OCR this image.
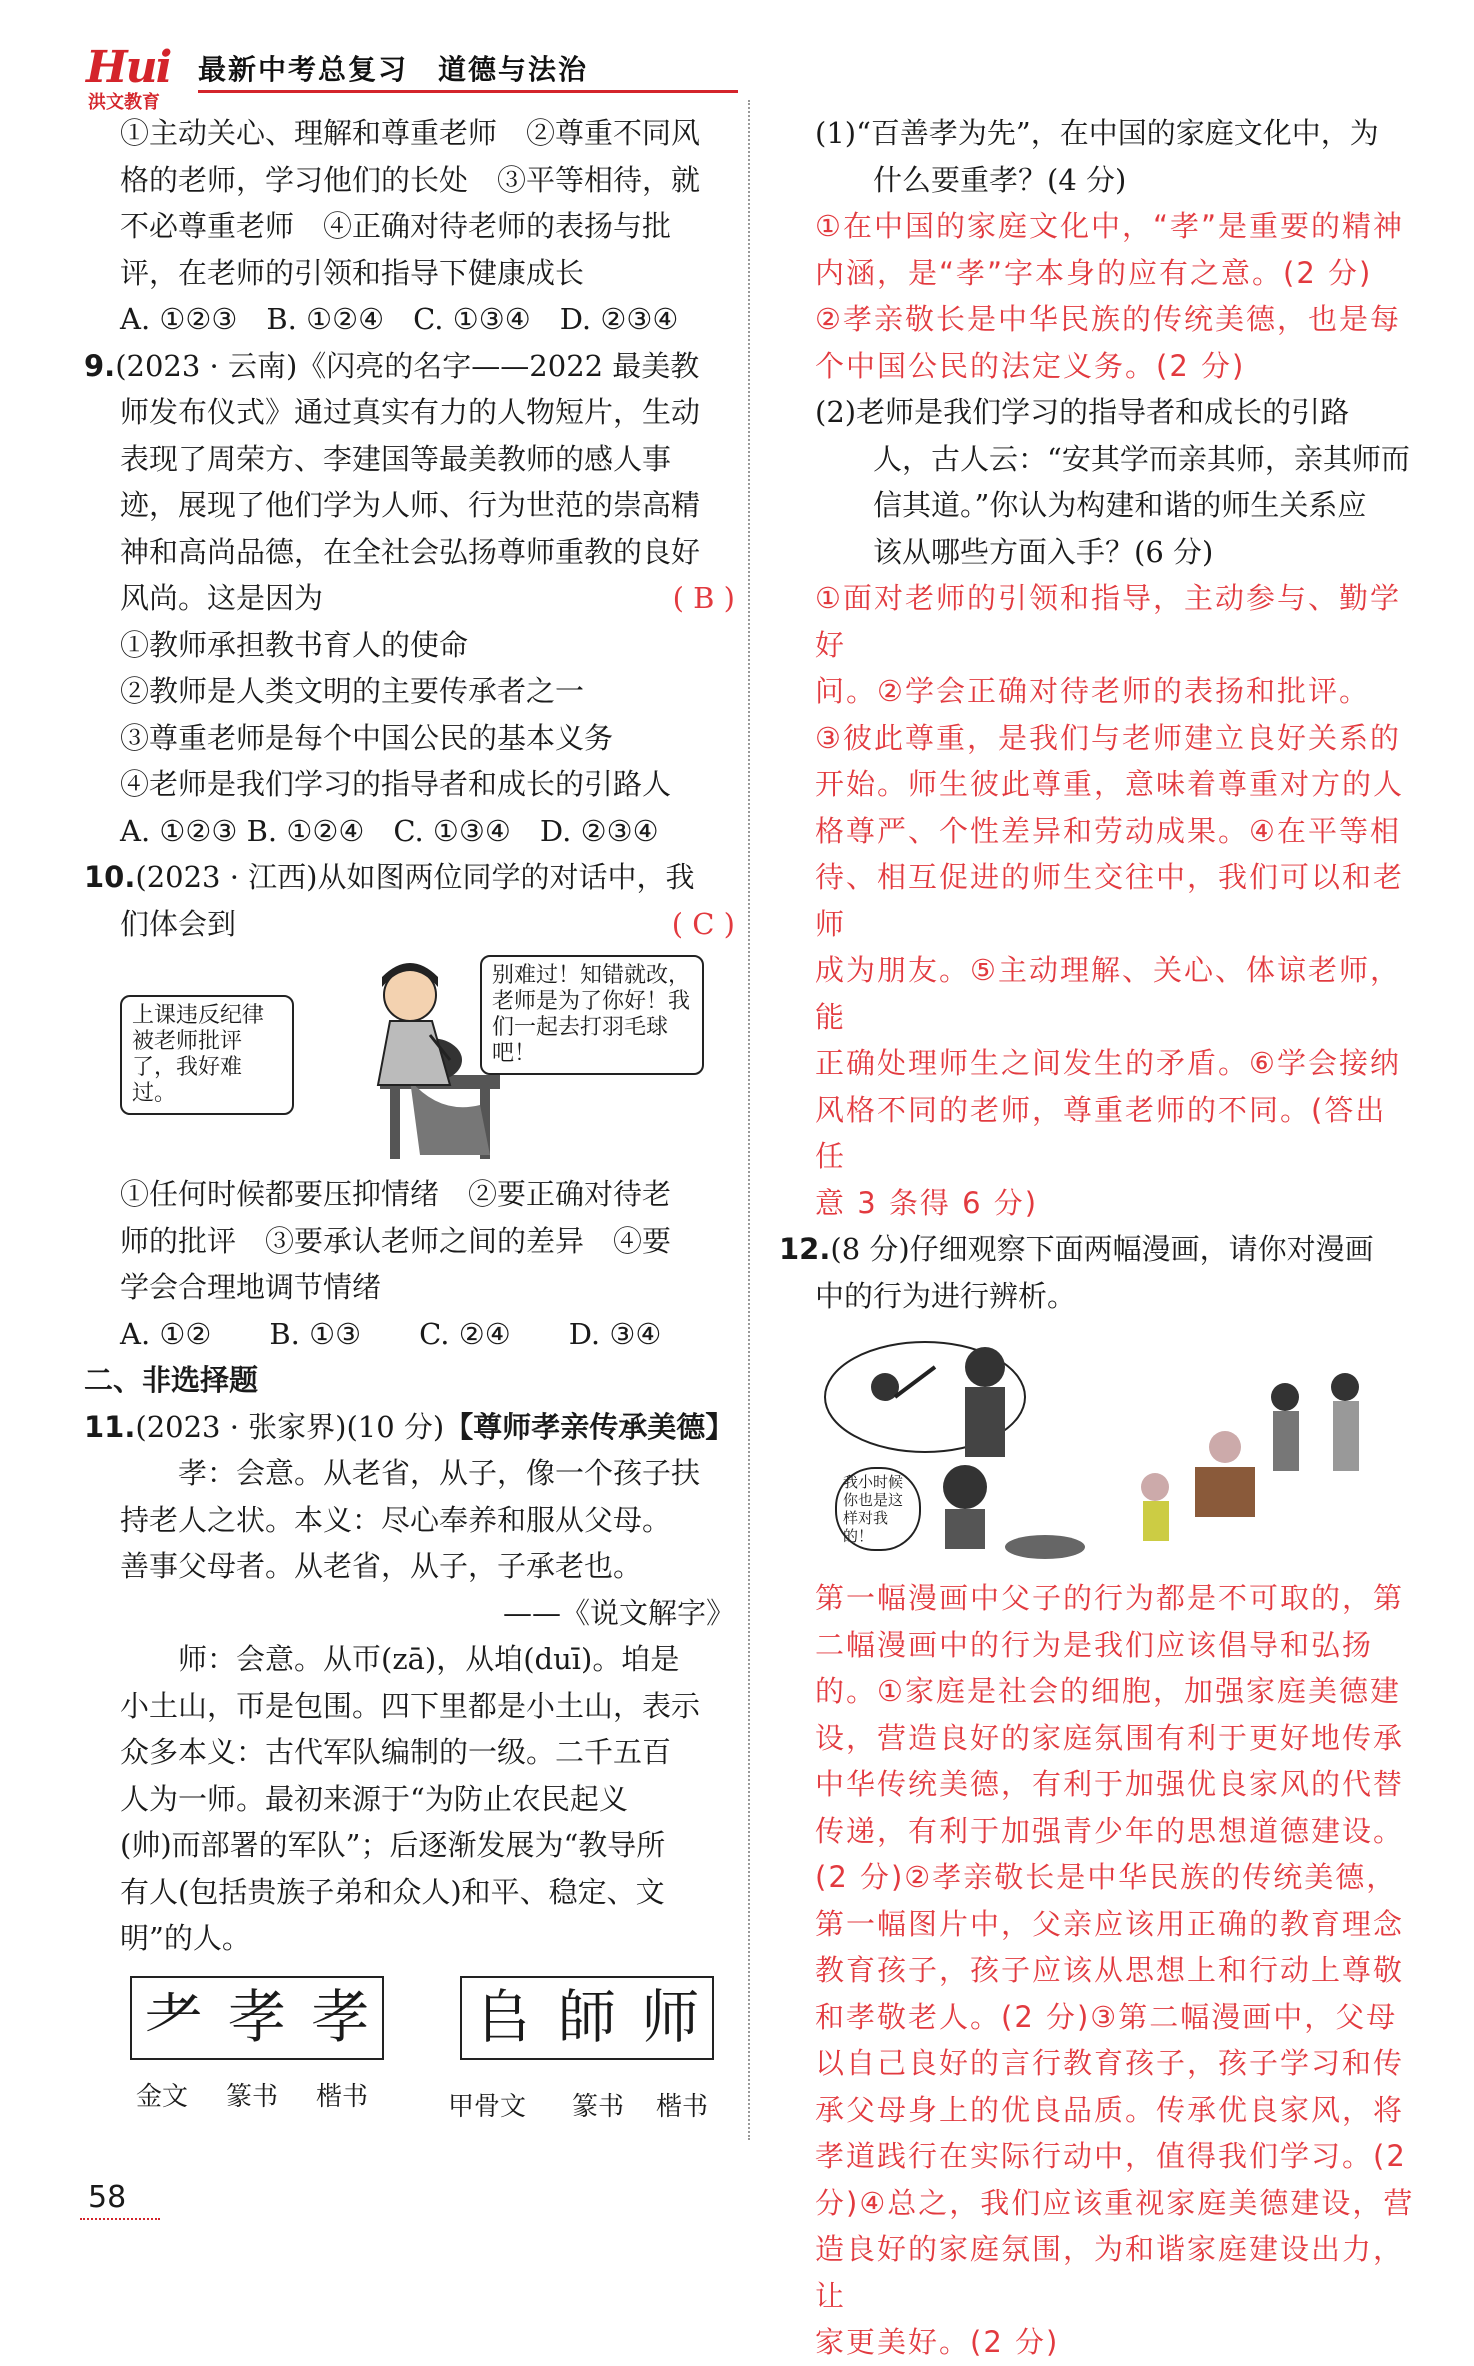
Hui
洪文教育
最新中考总复习　道德与法治

①主动关心、理解和尊重老师　②尊重不同风

格的老师，学习他们的长处　③平等相待，就

不必尊重老师　④正确对待老师的表扬与批

评，在老师的引领和指导下健康成长

A. ①②③　B. ①②④　C. ①③④　D. ②③④

9.(2023 · 云南)《闪亮的名字——2022 最美教

师发布仪式》通过真实有力的人物短片，生动

表现了周荣方、李建国等最美教师的感人事

迹，展现了他们学为人师、行为世范的崇高精

神和高尚品德，在全社会弘扬尊师重教的良好

风尚。这是因为	( B )

①教师承担教书育人的使命

②教师是人类文明的主要传承者之一

③尊重老师是每个中国公民的基本义务

④老师是我们学习的指导者和成长的引路人

A. ①②③ B. ①②④　C. ①③④　D. ②③④

10.(2023 · 江西)从如图两位同学的对话中，我

们体会到	( C )

上课违反纪律被老师批评了，我好难过。
别难过！知错就改，老师是为了你好！我们一起去打羽毛球吧！

①任何时候都要压抑情绪　②要正确对待老

师的批评　③要承认老师之间的差异　④要

学会合理地调节情绪

A. ①②　　B. ①③　　C. ②④　　D. ③④

二、非选择题

11.(2023 · 张家界)(10 分)【尊师孝亲传承美德】

　　孝：会意。从老省，从子，像一个孩子扶

持老人之状。本义：尽心奉养和服从父母。

善事父母者。从老省，从子，子承老也。

——《说文解字》

　　师：会意。从帀(zā)，从垍(duī)。垍是

小土山，帀是包围。四下里都是小土山，表示

众多本义：古代军队编制的一级。二千五百

人为一师。最初来源于“为防止农民起义

(帅)而部署的军队”；后逐渐发展为“教导所

有人(包括贵族子弟和众人)和平、稳定、文

明”的人。

耂 孝 孝
金文 篆书 楷书
𠂤 師 师
甲骨文 篆书 楷书

(1)“百善孝为先”，在中国的家庭文化中，为

　　什么要重孝？(4 分)

①在中国的家庭文化中，“孝”是重要的精神

内涵，是“孝”字本身的应有之意。(2 分)

②孝亲敬长是中华民族的传统美德，也是每

个中国公民的法定义务。(2 分)

(2)老师是我们学习的指导者和成长的引路

　　人，古人云：“安其学而亲其师，亲其师而

　　信其道。”你认为构建和谐的师生关系应

　　该从哪些方面入手？(6 分)

①面对老师的引领和指导，主动参与、勤学好

问。②学会正确对待老师的表扬和批评。

③彼此尊重，是我们与老师建立良好关系的

开始。师生彼此尊重，意味着尊重对方的人

格尊严、个性差异和劳动成果。④在平等相

待、相互促进的师生交往中，我们可以和老师

成为朋友。⑤主动理解、关心、体谅老师，能

正确处理师生之间发生的矛盾。⑥学会接纳

风格不同的老师，尊重老师的不同。(答出任

意 3 条得 6 分)

12.(8 分)仔细观察下面两幅漫画，请你对漫画

中的行为进行辨析。

我小时候你也是这样对我的！

第一幅漫画中父子的行为都是不可取的，第

二幅漫画中的行为是我们应该倡导和弘扬

的。①家庭是社会的细胞，加强家庭美德建

设，营造良好的家庭氛围有利于更好地传承

中华传统美德，有利于加强优良家风的代替

传递，有利于加强青少年的思想道德建设。

(2 分)②孝亲敬长是中华民族的传统美德，

第一幅图片中，父亲应该用正确的教育理念

教育孩子，孩子应该从思想上和行动上尊敬

和孝敬老人。(2 分)③第二幅漫画中，父母

以自己良好的言行教育孩子，孩子学习和传

承父母身上的优良品质。传承优良家风，将

孝道践行在实际行动中，值得我们学习。(2

分)④总之，我们应该重视家庭美德建设，营

造良好的家庭氛围，为和谐家庭建设出力，让

家更美好。(2 分)

58
